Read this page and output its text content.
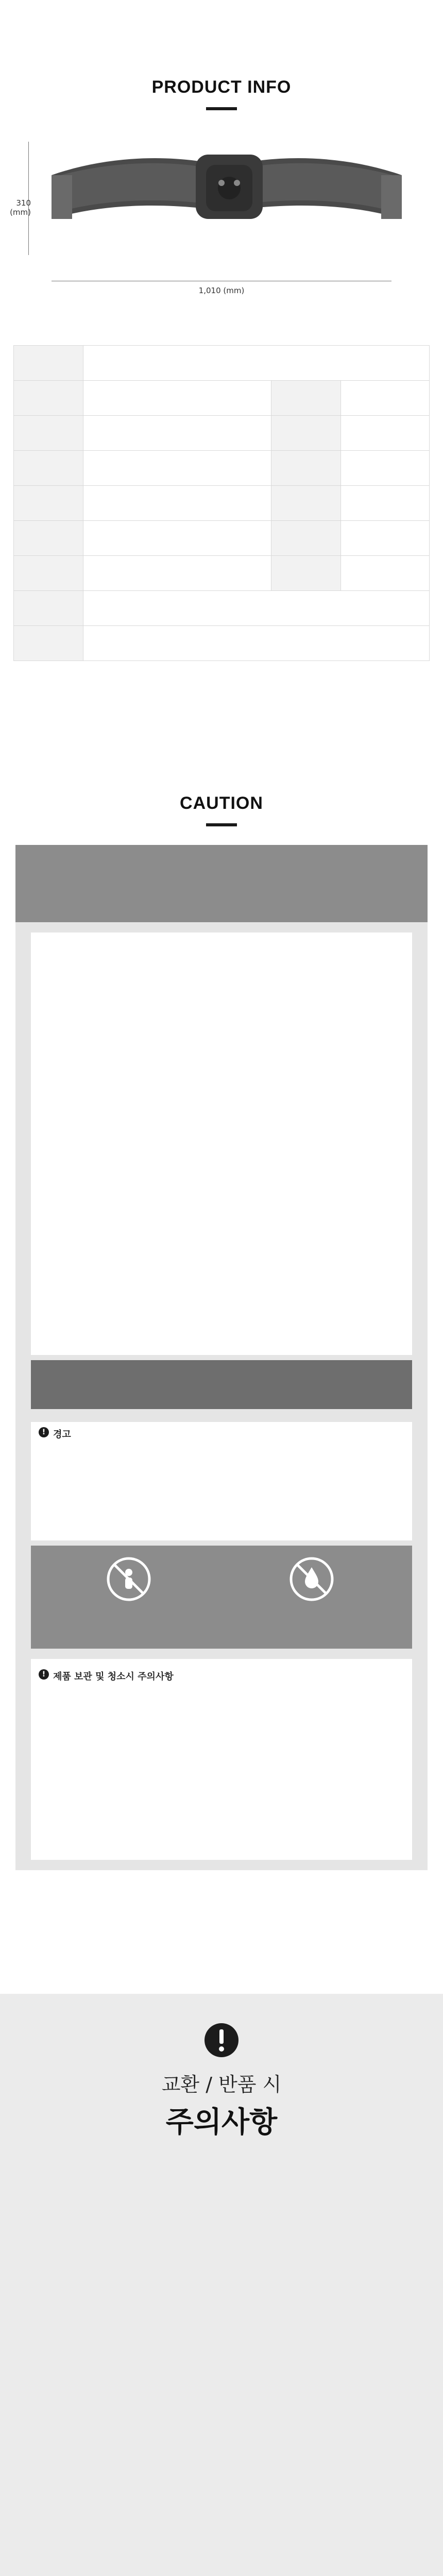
PRODUCT INFO
310 (mm)
1,010 (mm)

CAUTION
! 경고
! 제품 보관 및 청소시 주의사항
교환 / 반품 시
주의사항
